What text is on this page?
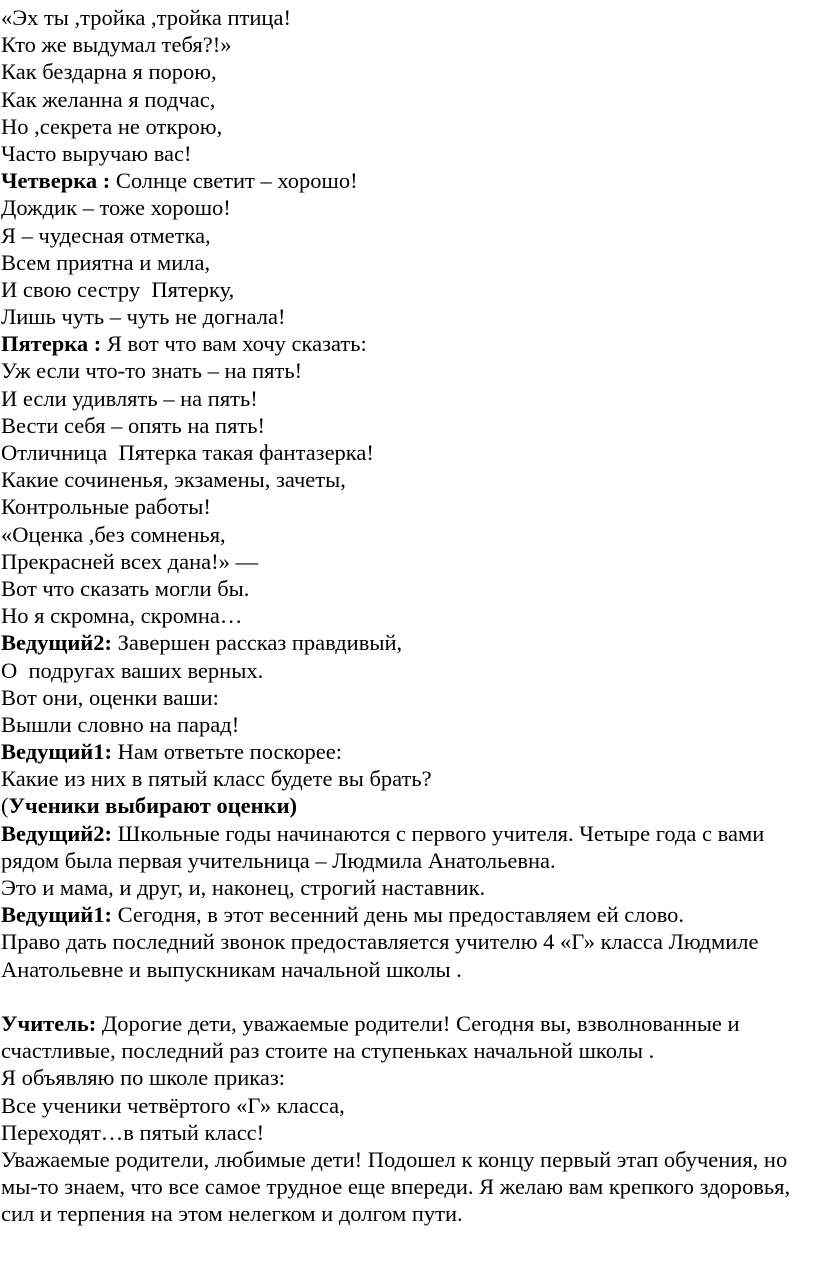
«Эх ты ,тройка ,тройка птица!
Кто же выдумал тебя?!»
Как бездарна я порою,
Как желанна я подчас,
Но ,секрета не открою,
Часто выручаю вас!
Четверка : Солнце светит – хорошо!
Дождик – тоже хорошо!
Я – чудесная отметка,
Всем приятна и мила,
И свою сестру  Пятерку,
Лишь чуть – чуть не догнала!
Пятерка : Я вот что вам хочу сказать:
Уж если что-то знать – на пять!
И если удивлять – на пять!
Вести себя – опять на пять!
Отличница  Пятерка такая фантазерка!
Какие сочиненья, экзамены, зачеты,
Контрольные работы!
«Оценка ,без сомненья,
Прекрасней всех дана!» —
Вот что сказать могли бы.
Но я скромна, скромна…
Ведущий2: Завершен рассказ правдивый,
О  подругах ваших верных.
Вот они, оценки ваши:
Вышли словно на парад!
Ведущий1: Нам ответьте поскорее:
Какие из них в пятый класс будете вы брать?
(Ученики выбирают оценки)
Ведущий2: Школьные годы начинаются с первого учителя. Четыре года с вами рядом была первая учительница – Людмила Анатольевна.
Это и мама, и друг, и, наконец, строгий наставник.
Ведущий1: Сегодня, в этот весенний день мы предоставляем ей слово.
Право дать последний звонок предоставляется учителю 4 «Г» класса Людмиле Анатольевне и выпускникам начальной школы .
Учитель: Дорогие дети, уважаемые родители! Сегодня вы, взволнованные и счастливые, последний раз стоите на ступеньках начальной школы .
Я объявляю по школе приказ:
Все ученики четвёртого «Г» класса,
Переходят…в пятый класс!
Уважаемые родители, любимые дети! Подошел к концу первый этап обучения, но мы-то знаем, что все самое трудное еще впереди. Я желаю вам крепкого здоровья, сил и терпения на этом нелегком и долгом пути.
